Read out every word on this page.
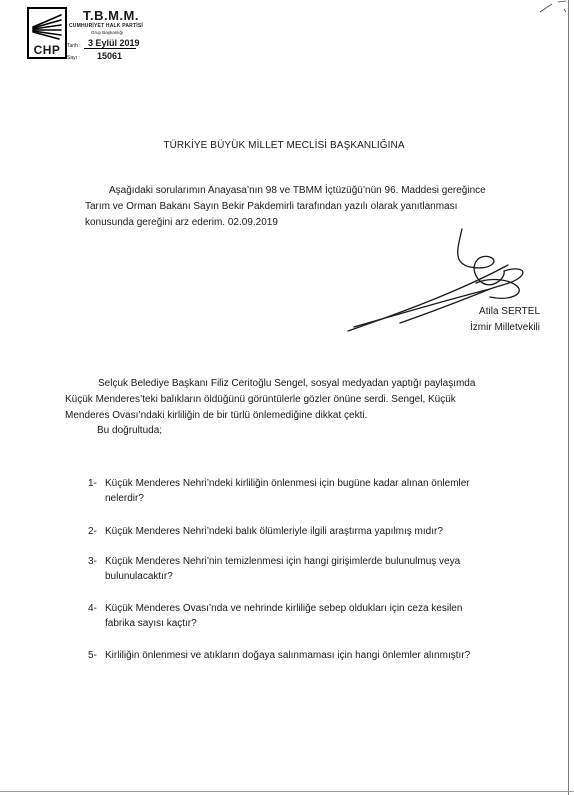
CHP
T.B.M.M.
CUMHURİYET HALK PARTİSİ
Grup Başkanlığı
Tarih : 3 Eylül 2019
Sayı : 15061
TÜRKİYE BÜYÜK MİLLET MECLİSİ BAŞKANLIĞINA

Aşağıdaki sorularımın Anayasa’nın 98 ve TBMM İçtüzüğü’nün 96. Maddesi gereğince

Tarım ve Orman Bakanı Sayın Bekir Pakdemirli tarafından yazılı olarak yanıtlanması

konusunda gereğini arz ederim. 02.09.2019

Atila SERTEL
İzmir Milletvekili

Selçuk Belediye Başkanı Filiz Ceritoğlu Sengel, sosyal medyadan yaptığı paylaşımda

Küçük Menderes’teki balıkların öldüğünü görüntülerle gözler önüne serdi. Sengel, Küçük

Menderes Ovası’ndaki kirliliğin de bir türlü önlemediğine dikkat çekti.

Bu doğrultuda;
1- Küçük Menderes Nehri’ndeki kirliliğin önlenmesi için bugüne kadar alınan önlemler
nelerdir?
2- Küçük Menderes Nehri’ndeki balık ölümleriyle ilgili araştırma yapılmış mıdır?
3- Küçük Menderes Nehri’nin temizlenmesi için hangi girişimlerde bulunulmuş veya
bulunulacaktır?
4- Küçük Menderes Ovası’nda ve nehrinde kirliliğe sebep oldukları için ceza kesilen
fabrika sayısı kaçtır?
5- Kirliliğin önlenmesi ve atıkların doğaya salınmaması için hangi önlemler alınmıştır?
